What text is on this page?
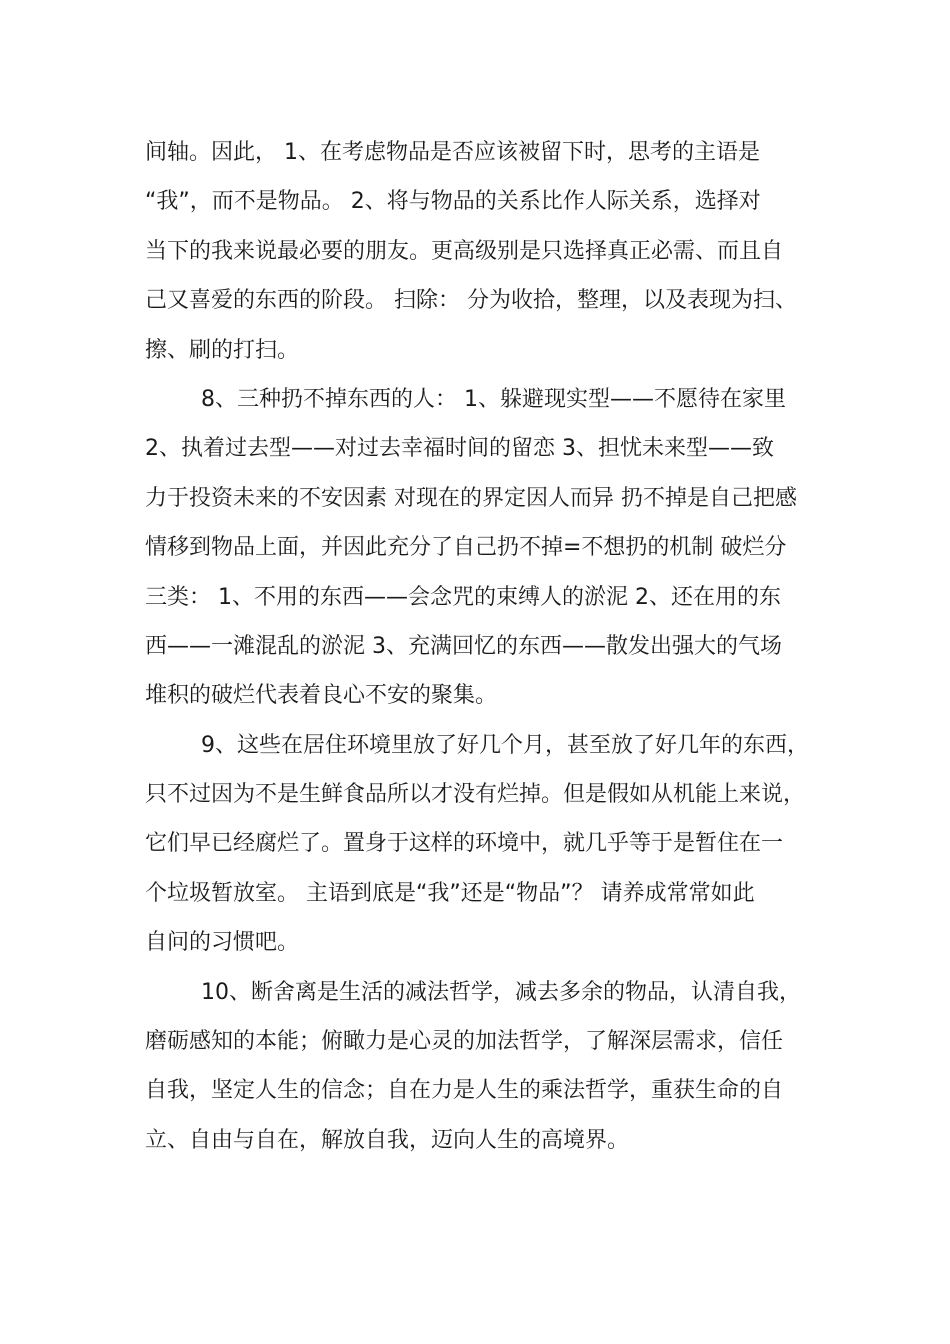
间轴。因此， 1、在考虑物品是否应该被留下时，思考的主语是
“我”，而不是物品。 2、将与物品的关系比作人际关系，选择对
当下的我来说最必要的朋友。更高级别是只选择真正必需、而且自
己又喜爱的东西的阶段。 扫除： 分为收拾，整理，以及表现为扫、
擦、刷的打扫。
8、三种扔不掉东西的人： 1、躲避现实型——不愿待在家里
2、执着过去型——对过去幸福时间的留恋 3、担忧未来型——致
力于投资未来的不安因素 对现在的界定因人而异 扔不掉是自己把感
情移到物品上面，并因此充分了自己扔不掉=不想扔的机制 破烂分
三类： 1、不用的东西——会念咒的束缚人的淤泥 2、还在用的东
西——一滩混乱的淤泥 3、充满回忆的东西——散发出强大的气场
堆积的破烂代表着良心不安的聚集。
9、这些在居住环境里放了好几个月，甚至放了好几年的东西，
只不过因为不是生鲜食品所以才没有烂掉。但是假如从机能上来说，
它们早已经腐烂了。置身于这样的环境中，就几乎等于是暂住在一
个垃圾暂放室。 主语到底是“我”还是“物品”？ 请养成常常如此
自问的习惯吧。
10、断舍离是生活的减法哲学，减去多余的物品，认清自我，
磨砺感知的本能；俯瞰力是心灵的加法哲学，了解深层需求，信任
自我，坚定人生的信念；自在力是人生的乘法哲学，重获生命的自
立、自由与自在，解放自我，迈向人生的高境界。
